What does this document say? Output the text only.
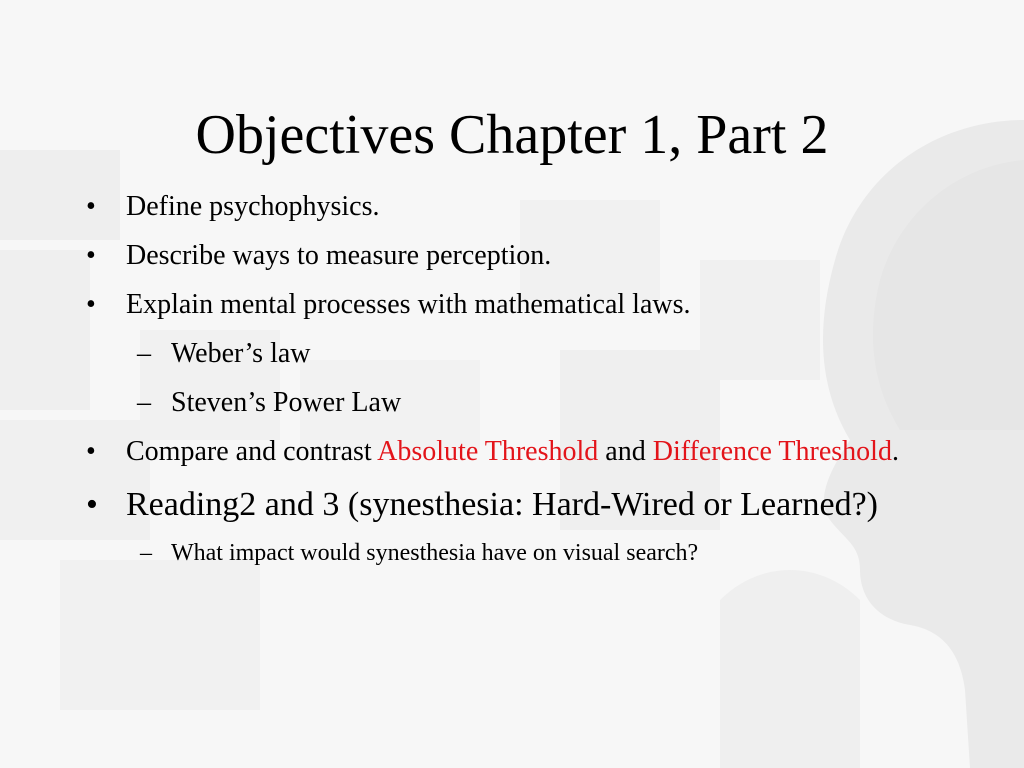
Objectives Chapter 1, Part 2
• Define psychophysics.
• Describe ways to measure perception.
• Explain mental processes with mathematical laws.
– Weber’s law
– Steven’s Power Law
• Compare and contrast Absolute Threshold and Difference Threshold.
• Reading2 and 3 (synesthesia: Hard-Wired or Learned?)
– What impact would synesthesia have on visual search?
